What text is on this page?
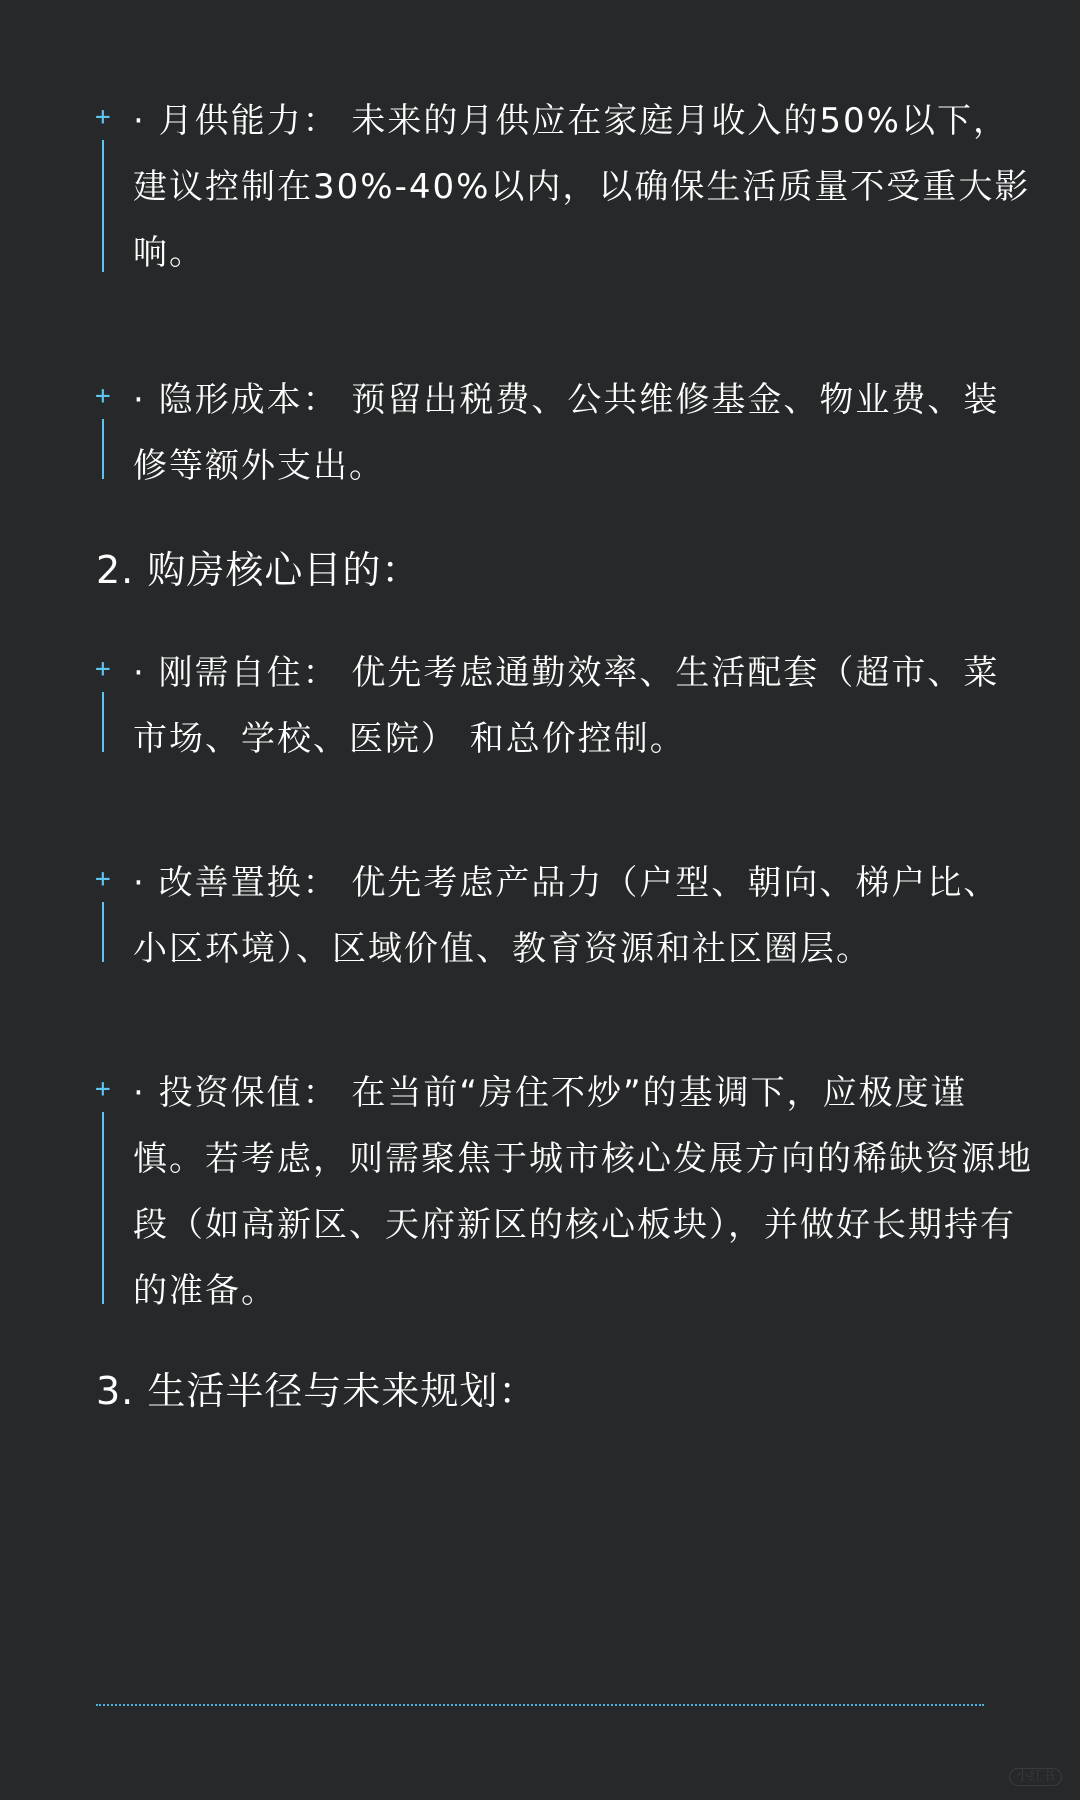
+ · 月供能力： 未来的月供应在家庭月收入的50%以下，建议控制在30%-40%以内，以确保生活质量不受重大影响。
+ · 隐形成本： 预留出税费、公共维修基金、物业费、装修等额外支出。
2. 购房核心目的：
+ · 刚需自住： 优先考虑通勤效率、生活配套（超市、菜市场、学校、医院） 和总价控制。
+ · 改善置换： 优先考虑产品力（户型、朝向、梯户比、小区环境）、区域价值、教育资源和社区圈层。
+ · 投资保值： 在当前“房住不炒”的基调下，应极度谨慎。若考虑，则需聚焦于城市核心发展方向的稀缺资源地段（如高新区、天府新区的核心板块），并做好长期持有的准备。
3. 生活半径与未来规划：
小红书
